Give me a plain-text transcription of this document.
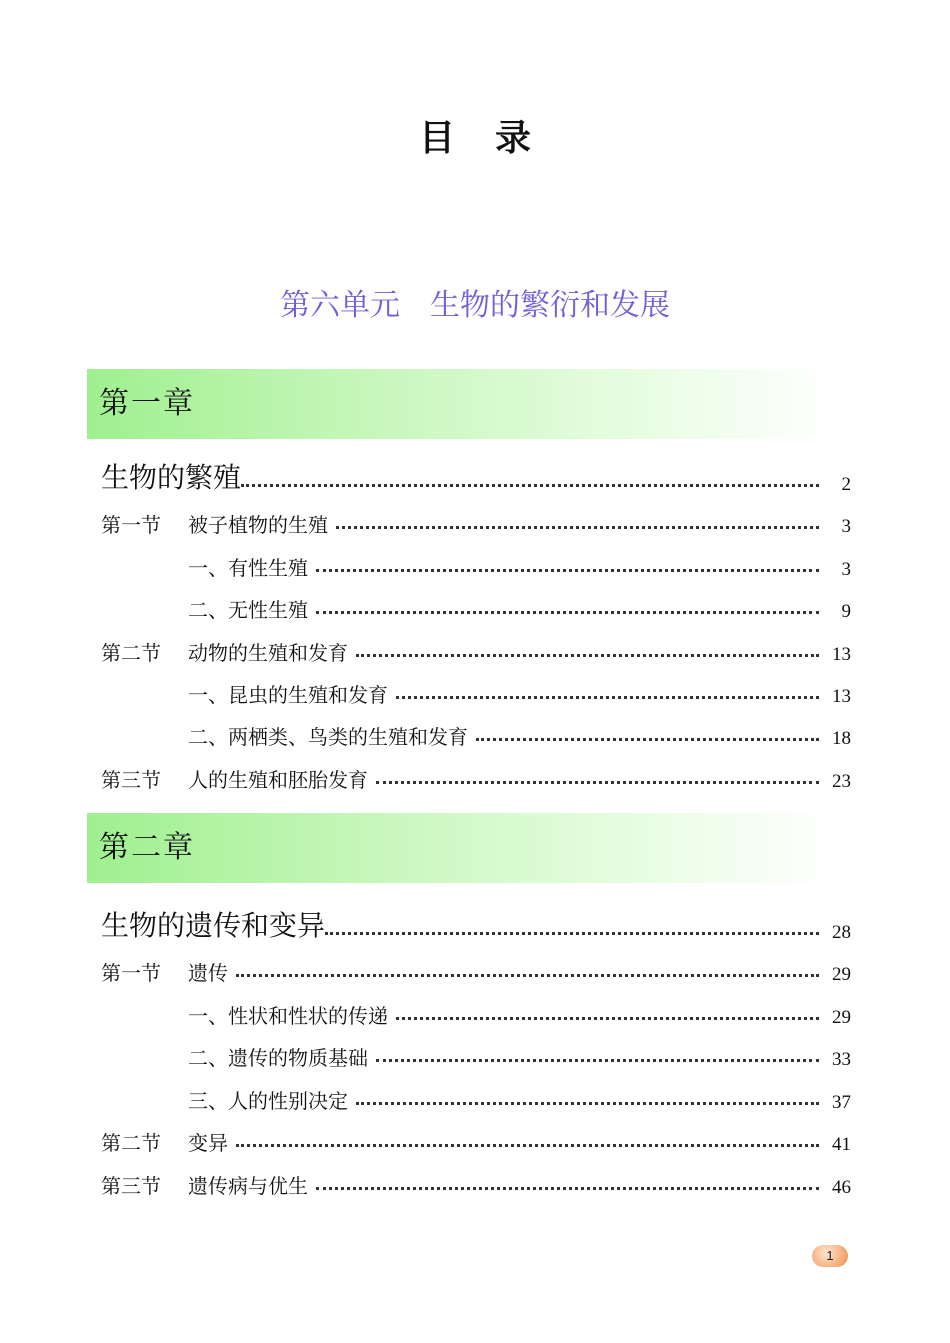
目录
第六单元　生物的繁衍和发展
第一章
生物的繁殖	2
第一节	被子植物的生殖	3
一、有性生殖	3
二、无性生殖	9
第二节	动物的生殖和发育	13
一、昆虫的生殖和发育	13
二、两栖类、鸟类的生殖和发育	18
第三节	人的生殖和胚胎发育	23
第二章
生物的遗传和变异	28
第一节	遗传	29
一、性状和性状的传递	29
二、遗传的物质基础	33
三、人的性别决定	37
第二节	变异	41
第三节	遗传病与优生	46
1
